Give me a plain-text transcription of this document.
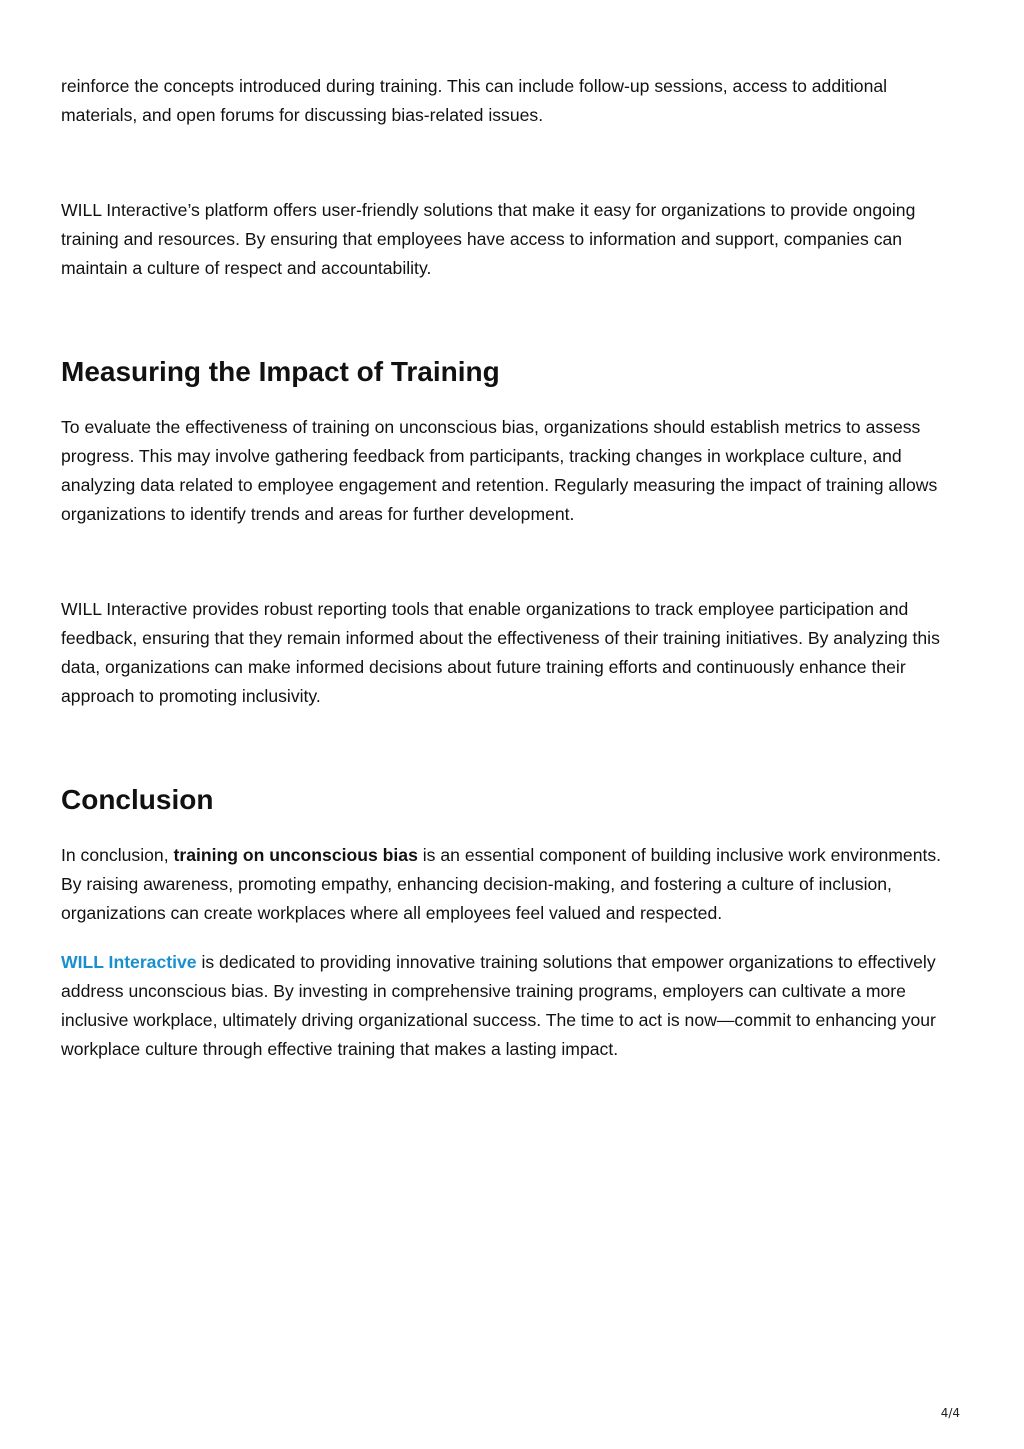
reinforce the concepts introduced during training. This can include follow-up sessions, access to additional materials, and open forums for discussing bias-related issues.

WILL Interactive’s platform offers user-friendly solutions that make it easy for organizations to provide ongoing training and resources. By ensuring that employees have access to information and support, companies can maintain a culture of respect and accountability.

Measuring the Impact of Training

To evaluate the effectiveness of training on unconscious bias, organizations should establish metrics to assess progress. This may involve gathering feedback from participants, tracking changes in workplace culture, and analyzing data related to employee engagement and retention. Regularly measuring the impact of training allows organizations to identify trends and areas for further development.

WILL Interactive provides robust reporting tools that enable organizations to track employee participation and feedback, ensuring that they remain informed about the effectiveness of their training initiatives. By analyzing this data, organizations can make informed decisions about future training efforts and continuously enhance their approach to promoting inclusivity.

Conclusion

In conclusion, training on unconscious bias is an essential component of building inclusive work environments. By raising awareness, promoting empathy, enhancing decision-making, and fostering a culture of inclusion, organizations can create workplaces where all employees feel valued and respected.

WILL Interactive is dedicated to providing innovative training solutions that empower organizations to effectively address unconscious bias. By investing in comprehensive training programs, employers can cultivate a more inclusive workplace, ultimately driving organizational success. The time to act is now—commit to enhancing your workplace culture through effective training that makes a lasting impact.

4/4
